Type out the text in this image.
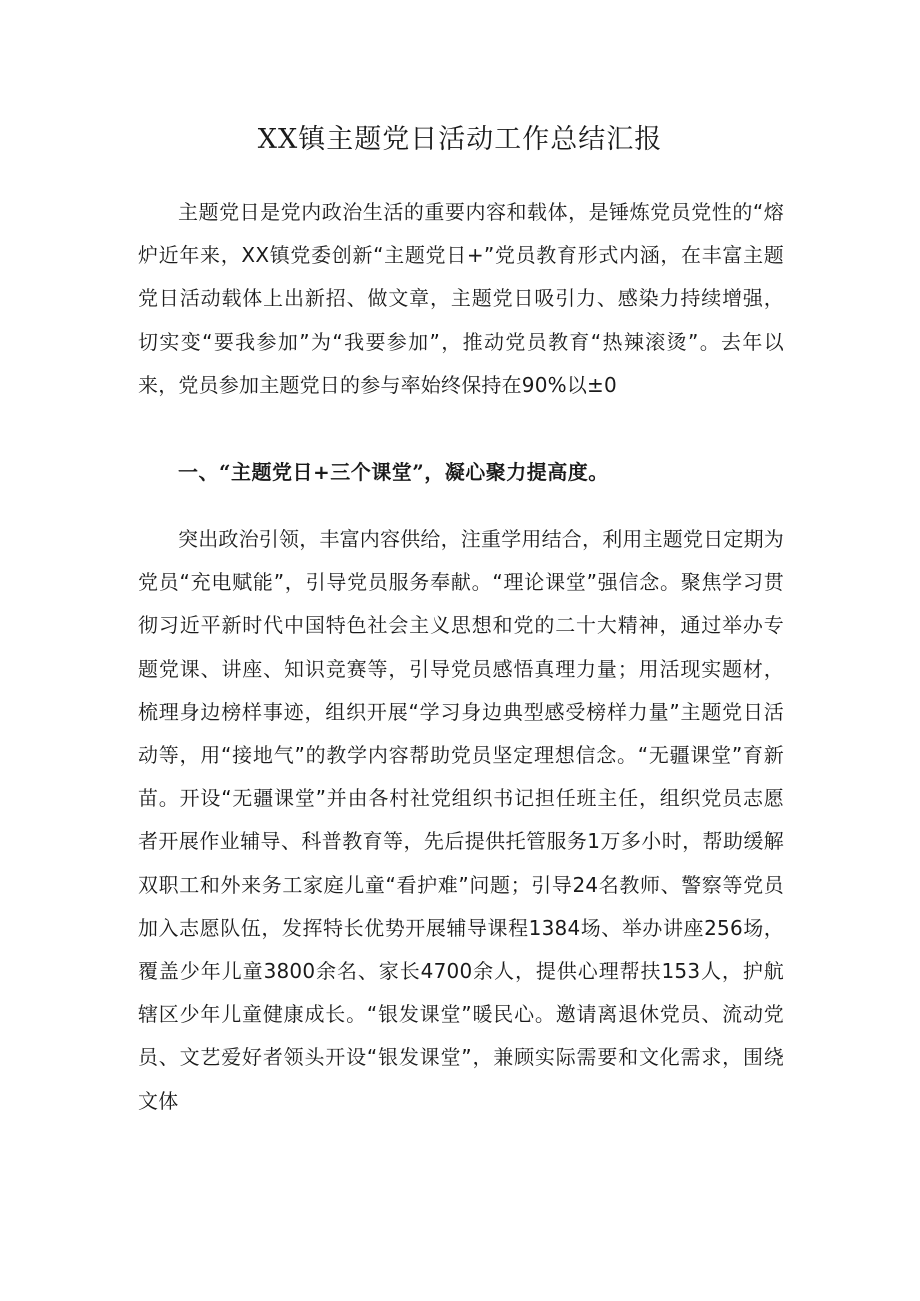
XX镇主题党日活动工作总结汇报

主题党日是党内政治生活的重要内容和载体，是锤炼党员党性的“熔炉近年来，XX镇党委创新“主题党日+”党员教育形式内涵，在丰富主题党日活动载体上出新招、做文章，主题党日吸引力、感染力持续增强，切实变“要我参加”为“我要参加”，推动党员教育“热辣滚烫”。去年以来，党员参加主题党日的参与率始终保持在90%以±0

一、“主题党日+三个课堂”，凝心聚力提高度。

突出政治引领，丰富内容供给，注重学用结合，利用主题党日定期为党员“充电赋能”，引导党员服务奉献。“理论课堂”强信念。聚焦学习贯彻习近平新时代中国特色社会主义思想和党的二十大精神，通过举办专题党课、讲座、知识竞赛等，引导党员感悟真理力量；用活现实题材，梳理身边榜样事迹，组织开展“学习身边典型感受榜样力量”主题党日活动等，用“接地气”的教学内容帮助党员坚定理想信念。“无疆课堂”育新苗。开设“无疆课堂”并由各村社党组织书记担任班主任，组织党员志愿者开展作业辅导、科普教育等，先后提供托管服务1万多小时，帮助缓解双职工和外来务工家庭儿童“看护难”问题；引导24名教师、警察等党员加入志愿队伍，发挥特长优势开展辅导课程1384场、举办讲座256场，覆盖少年儿童3800余名、家长4700余人，提供心理帮扶153人，护航辖区少年儿童健康成长。“银发课堂”暖民心。邀请离退休党员、流动党员、文艺爱好者领头开设“银发课堂”，兼顾实际需要和文化需求，围绕文体
